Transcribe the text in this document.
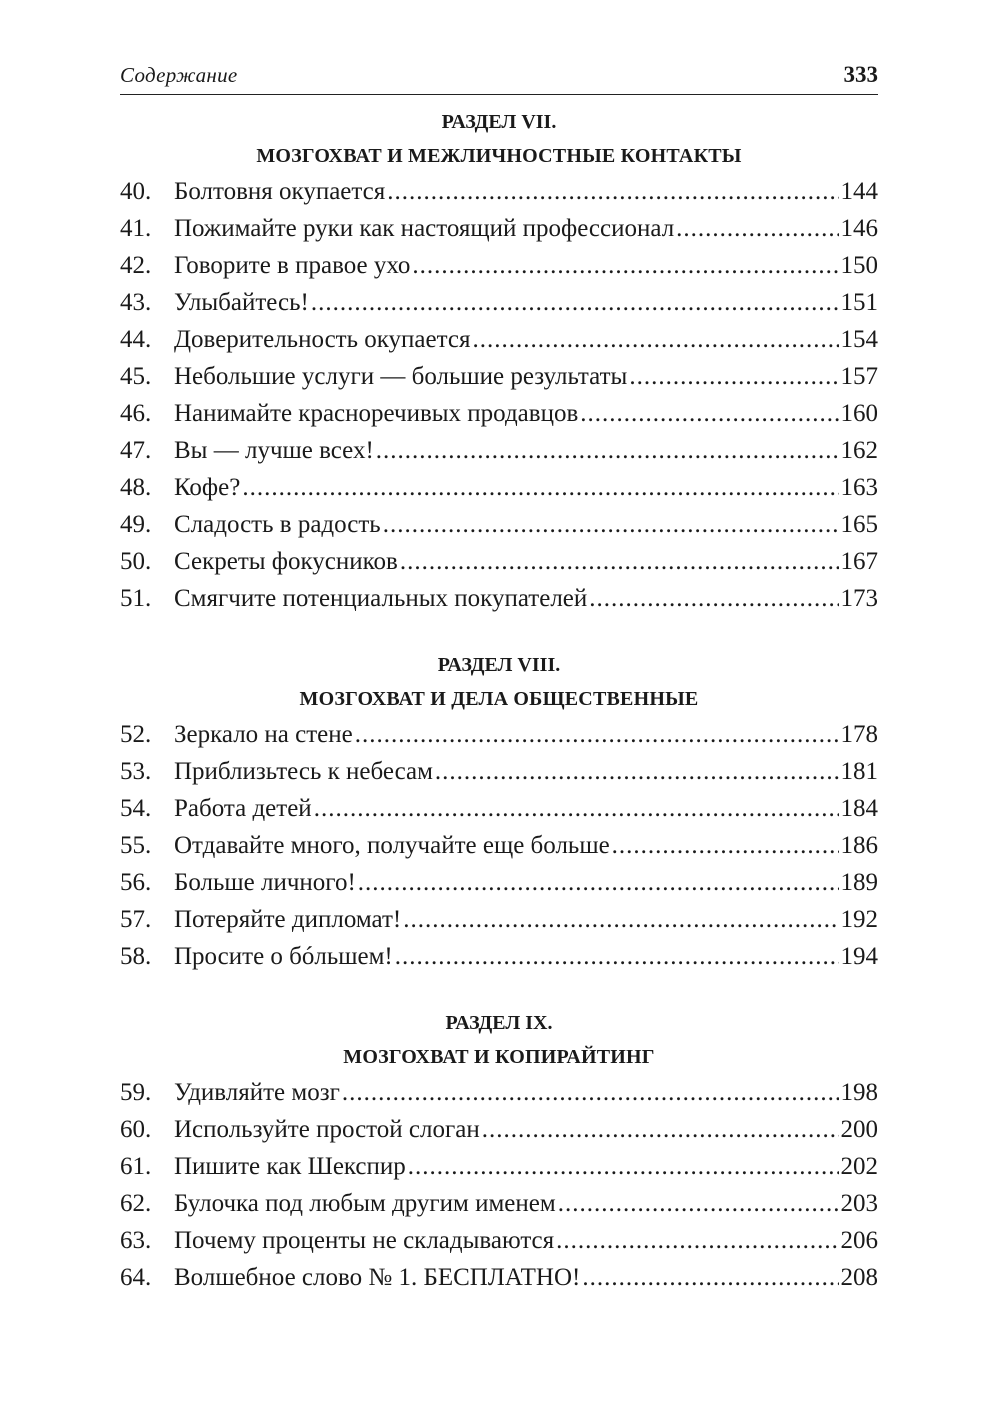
Содержание	333
РАЗДЕЛ VII.
МОЗГОХВАТ И МЕЖЛИЧНОСТНЫЕ КОНТАКТЫ
40. Болтовня окупается .....	144
41. Пожимайте руки как настоящий профессионал .....	146
42. Говорите в правое ухо .....	150
43. Улыбайтесь! .....	151
44. Доверительность окупается .....	154
45. Небольшие услуги — большие результаты .....	157
46. Нанимайте красноречивых продавцов .....	160
47. Вы — лучше всех! .....	162
48. Кофе? .....	163
49. Сладость в радость .....	165
50. Секреты фокусников .....	167
51. Смягчите потенциальных покупателей .....	173
РАЗДЕЛ VIII.
МОЗГОХВАТ И ДЕЛА ОБЩЕСТВЕННЫЕ
52. Зеркало на стене .....	178
53. Приблизьтесь к небесам .....	181
54. Работа детей .....	184
55. Отдавайте много, получайте еще больше .....	186
56. Больше личного! .....	189
57. Потеряйте дипломат! .....	192
58. Просите о бóльшем! .....	194
РАЗДЕЛ IX.
МОЗГОХВАТ И КОПИРАЙТИНГ
59. Удивляйте мозг .....	198
60. Используйте простой слоган .....	200
61. Пишите как Шекспир .....	202
62. Булочка под любым другим именем .....	203
63. Почему проценты не складываются .....	206
64. Волшебное слово № 1. БЕСПЛАТНО! .....	208
